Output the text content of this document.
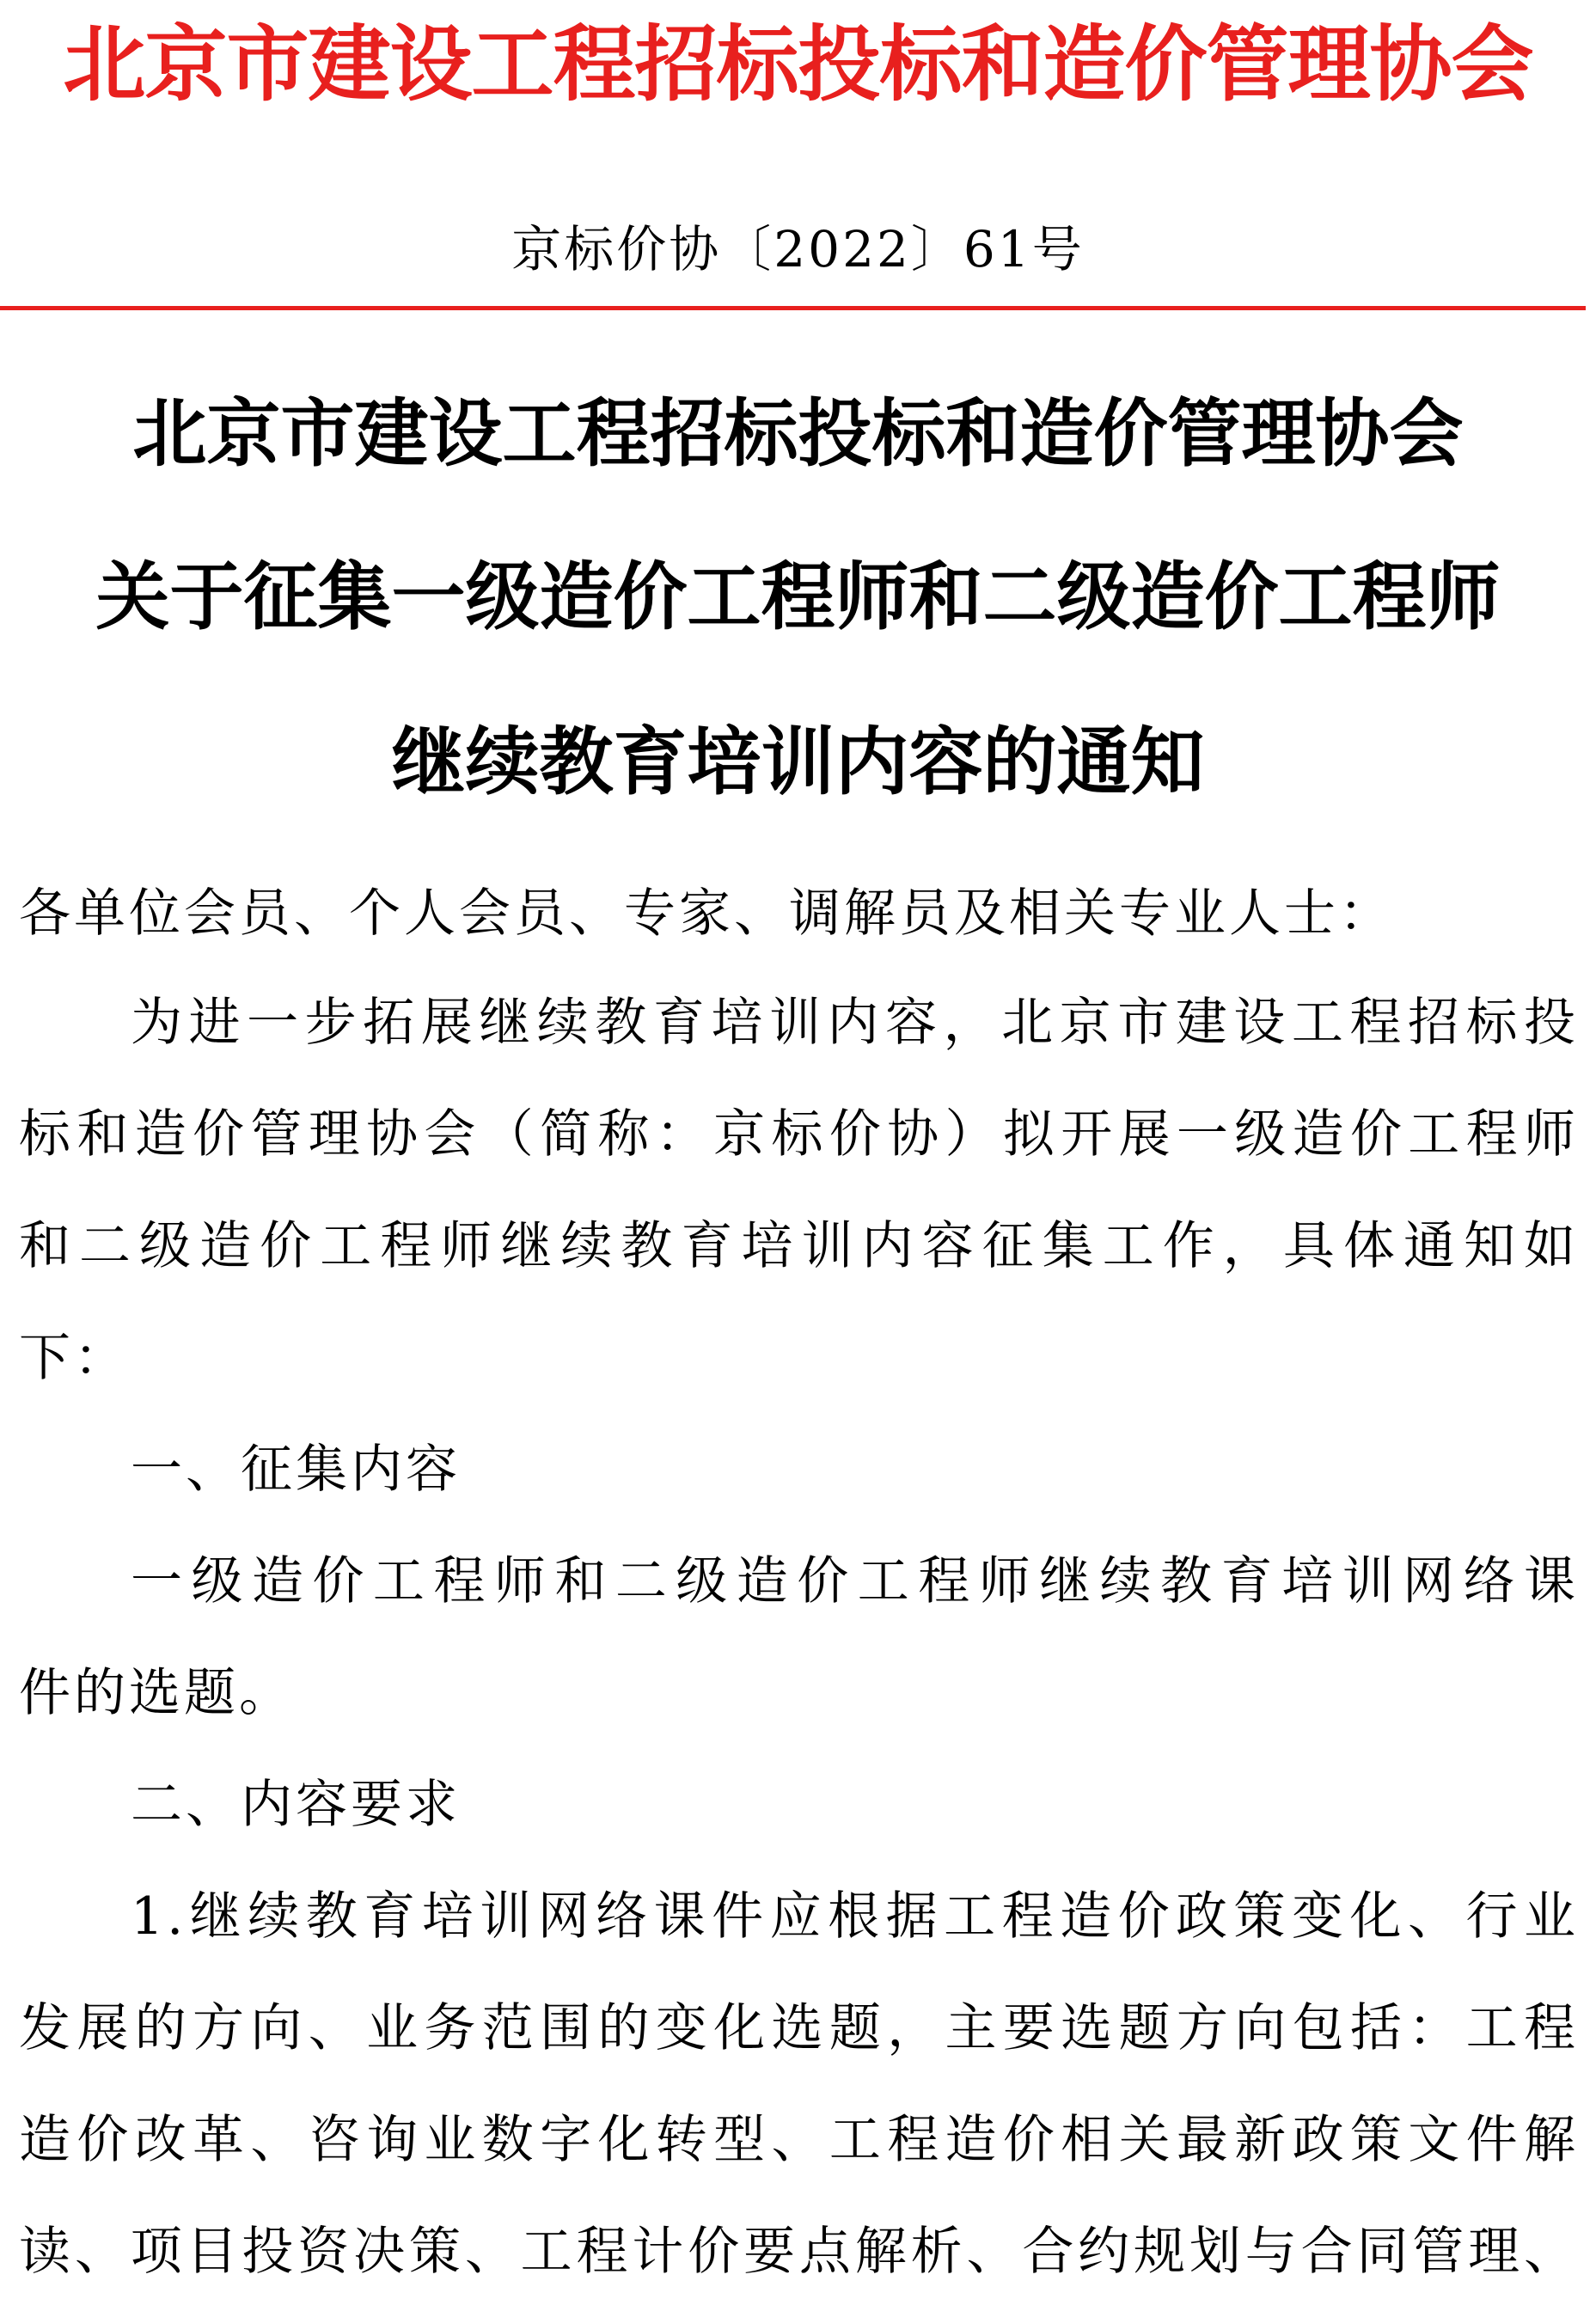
北京市建设工程招标投标和造价管理协会
京标价协〔2022〕61号
北京市建设工程招标投标和造价管理协会
关于征集一级造价工程师和二级造价工程师
继续教育培训内容的通知
各单位会员、个人会员、专家、调解员及相关专业人士：
为进一步拓展继续教育培训内容，北京市建设工程招标投
标和造价管理协会（简称：京标价协）拟开展一级造价工程师
和二级造价工程师继续教育培训内容征集工作，具体通知如
下：
一、征集内容
一级造价工程师和二级造价工程师继续教育培训网络课
件的选题。
二、内容要求
1.继续教育培训网络课件应根据工程造价政策变化、行业
发展的方向、业务范围的变化选题，主要选题方向包括：工程
造价改革、咨询业数字化转型、工程造价相关最新政策文件解
读、项目投资决策、工程计价要点解析、合约规划与合同管理、
